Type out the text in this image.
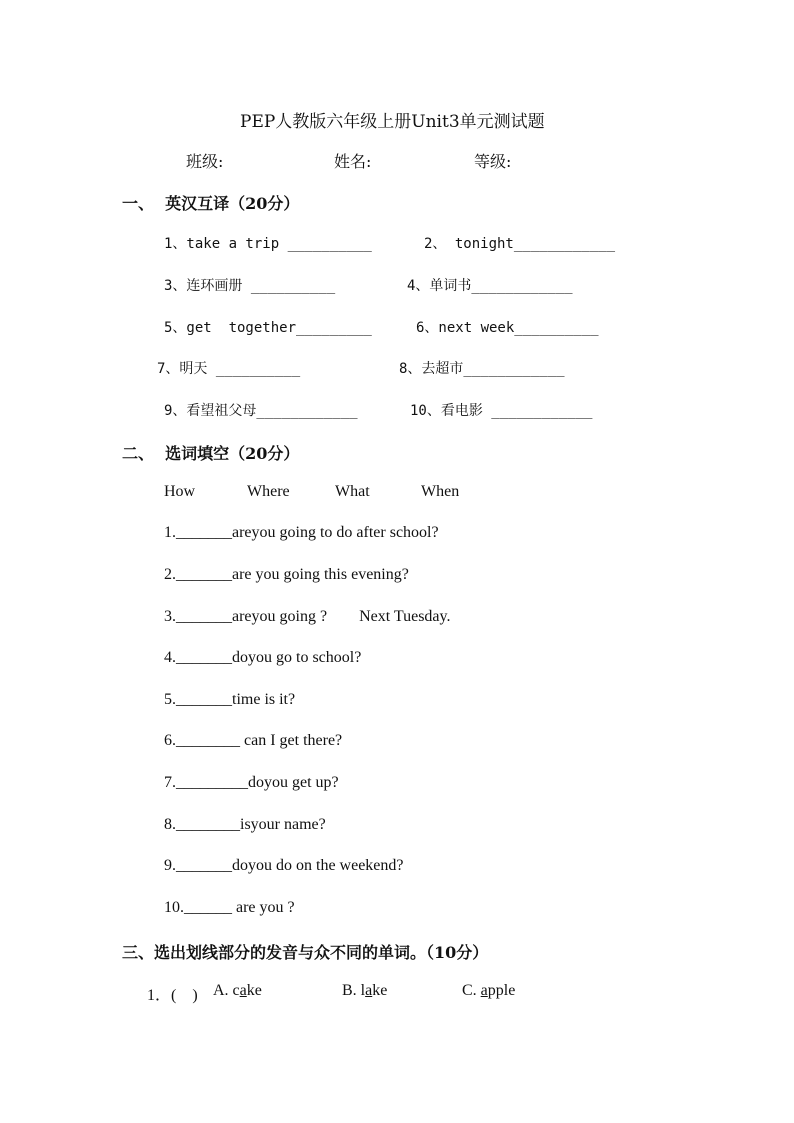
PEP人教版六年级上册Unit3单元测试题
班级:	姓名:	等级:
一、  英汉互译（20分）
1、take a trip __________	2、 tonight____________
3、连环画册 __________	4、单词书____________
5、get  together_________	6、next week__________
7、明天 __________	8、去超市____________
9、看望祖父母____________	10、看电影 ____________
二、  选词填空（20分）
How	Where	What	When
1._______areyou going to do after school?
2._______are you going this evening?
3._______areyou going ?        Next Tuesday.
4._______doyou go to school?
5._______time is it?
6.________ can I get there?
7._________doyou get up?
8.________isyour name?
9._______doyou do on the weekend?
10.______ are you ?
三、选出划线部分的发音与众不同的单词。（10分）
1．(    ) A. cake	B. lake	C. apple
